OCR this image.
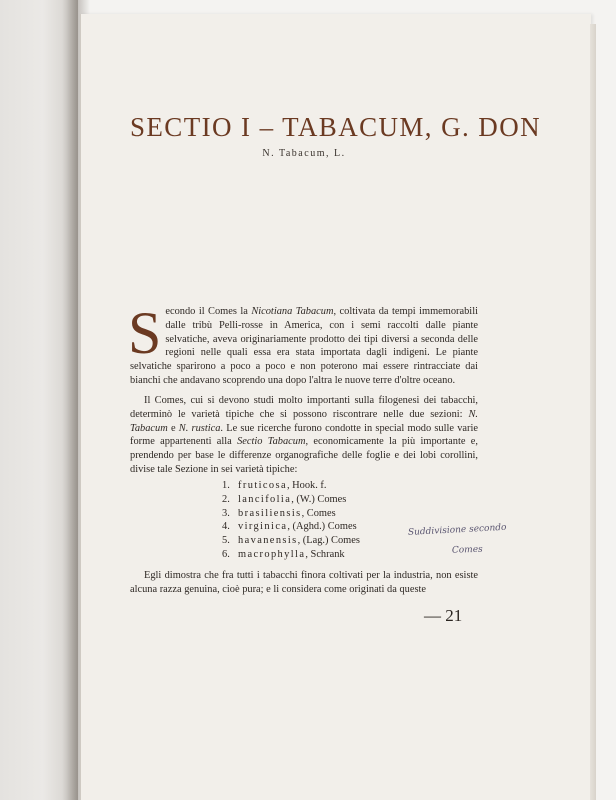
SECTIO I – TABACUM, G. DON
N. Tabacum, L.
Secondo il Comes la Nicotiana Tabacum, coltivata da tempi immemorabili dalle tribù Pelli-rosse in America, con i semi raccolti dalle piante selvatiche, aveva originariamente prodotto dei tipi diversi a seconda delle regioni nelle quali essa era stata importata dagli indigeni. Le piante selvatiche sparirono a poco a poco e non poterono mai essere rintracciate dai bianchi che andavano scoprendo una dopo l'altra le nuove terre d'oltre oceano.
Il Comes, cui si devono studi molto importanti sulla filogenesi dei tabacchi, determinò le varietà tipiche che si possono riscontrare nelle due sezioni: N. Tabacum e N. rustica. Le sue ricerche furono condotte in special modo sulle varie forme appartenenti alla Sectio Tabacum, economicamente la più importante e, prendendo per base le differenze organografiche delle foglie e dei lobi corollini, divise tale Sezione in sei varietà tipiche:
1. fruticosa, Hook. f.
2. lancifolia, (W.) Comes
3. brasiliensis, Comes
4. virginica, (Aghd.) Comes
5. havanensis, (Lag.) Comes
6. macrophylla, Schrank
Suddivisione secondo
Comes
Egli dimostra che fra tutti i tabacchi finora coltivati per la industria, non esiste alcuna razza genuina, cioè pura; e li considera come originati da queste
— 21
